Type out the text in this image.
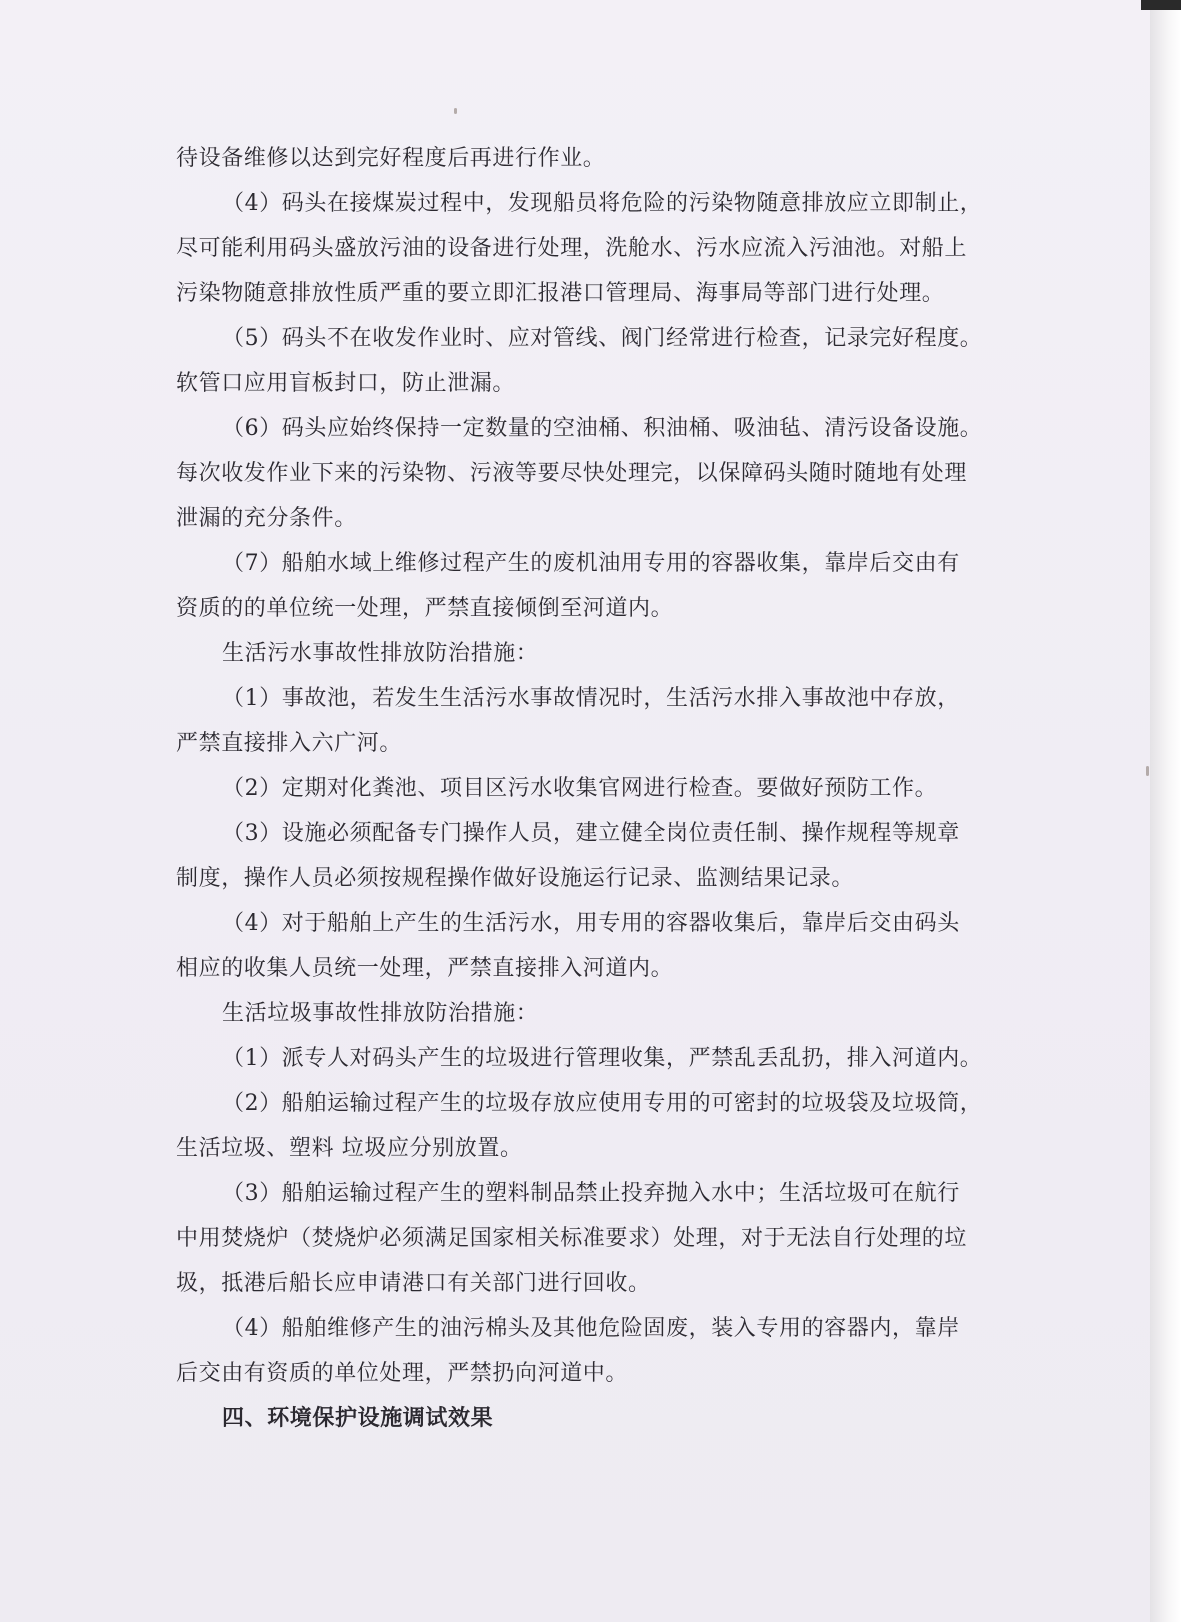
待设备维修以达到完好程度后再进行作业。
（4）码头在接煤炭过程中，发现船员将危险的污染物随意排放应立即制止，
尽可能利用码头盛放污油的设备进行处理，洗舱水、污水应流入污油池。对船上
污染物随意排放性质严重的要立即汇报港口管理局、海事局等部门进行处理。
（5）码头不在收发作业时、应对管线、阀门经常进行检查，记录完好程度。
软管口应用盲板封口，防止泄漏。
（6）码头应始终保持一定数量的空油桶、积油桶、吸油毡、清污设备设施。
每次收发作业下来的污染物、污液等要尽快处理完，以保障码头随时随地有处理
泄漏的充分条件。
（7）船舶水域上维修过程产生的废机油用专用的容器收集，靠岸后交由有
资质的的单位统一处理，严禁直接倾倒至河道内。
生活污水事故性排放防治措施：
（1）事故池，若发生生活污水事故情况时，生活污水排入事故池中存放，
严禁直接排入六广河。
（2）定期对化粪池、项目区污水收集官网进行检查。要做好预防工作。
（3）设施必须配备专门操作人员，建立健全岗位责任制、操作规程等规章
制度，操作人员必须按规程操作做好设施运行记录、监测结果记录。
（4）对于船舶上产生的生活污水，用专用的容器收集后，靠岸后交由码头
相应的收集人员统一处理，严禁直接排入河道内。
生活垃圾事故性排放防治措施：
（1）派专人对码头产生的垃圾进行管理收集，严禁乱丢乱扔，排入河道内。
（2）船舶运输过程产生的垃圾存放应使用专用的可密封的垃圾袋及垃圾筒，
生活垃圾、塑料 垃圾应分别放置。
（3）船舶运输过程产生的塑料制品禁止投弃抛入水中；生活垃圾可在航行
中用焚烧炉（焚烧炉必须满足国家相关标准要求）处理，对于无法自行处理的垃
圾，抵港后船长应申请港口有关部门进行回收。
（4）船舶维修产生的油污棉头及其他危险固废，装入专用的容器内，靠岸
后交由有资质的单位处理，严禁扔向河道中。
四、环境保护设施调试效果
